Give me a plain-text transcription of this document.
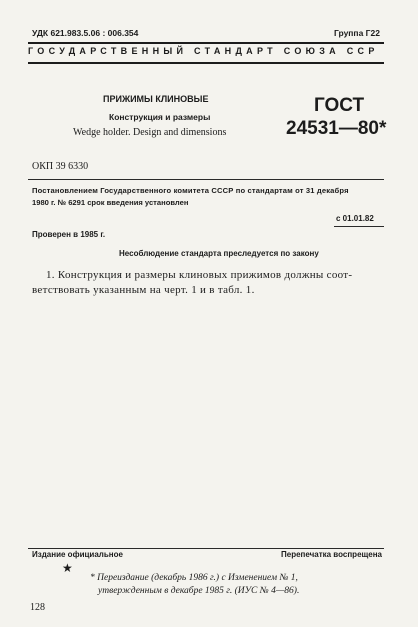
УДК 621.983.5.06 : 006.354	Группа Г22
ГОСУДАРСТВЕННЫЙ СТАНДАРТ СОЮЗА ССР
ПРИЖИМЫ КЛИНОВЫЕ
Конструкция и размеры
Wedge holder. Design and dimensions
ГОСТ
24531—80*
ОКП 39 6330
Постановлением Государственного комитета СССР по стандартам от 31 декабря
1980 г. № 6291 срок введения установлен
с 01.01.82
Проверен в 1985 г.
Несоблюдение стандарта преследуется по закону
1. Конструкция и размеры клиновых прижимов должны соот-
ветствовать указанным на черт. 1 и в табл. 1.
Издание официальное	Перепечатка воспрещена
★
* Переиздание (декабрь 1986 г.) с Изменением № 1,
утвержденным в декабре 1985 г. (ИУС № 4—86).
128
